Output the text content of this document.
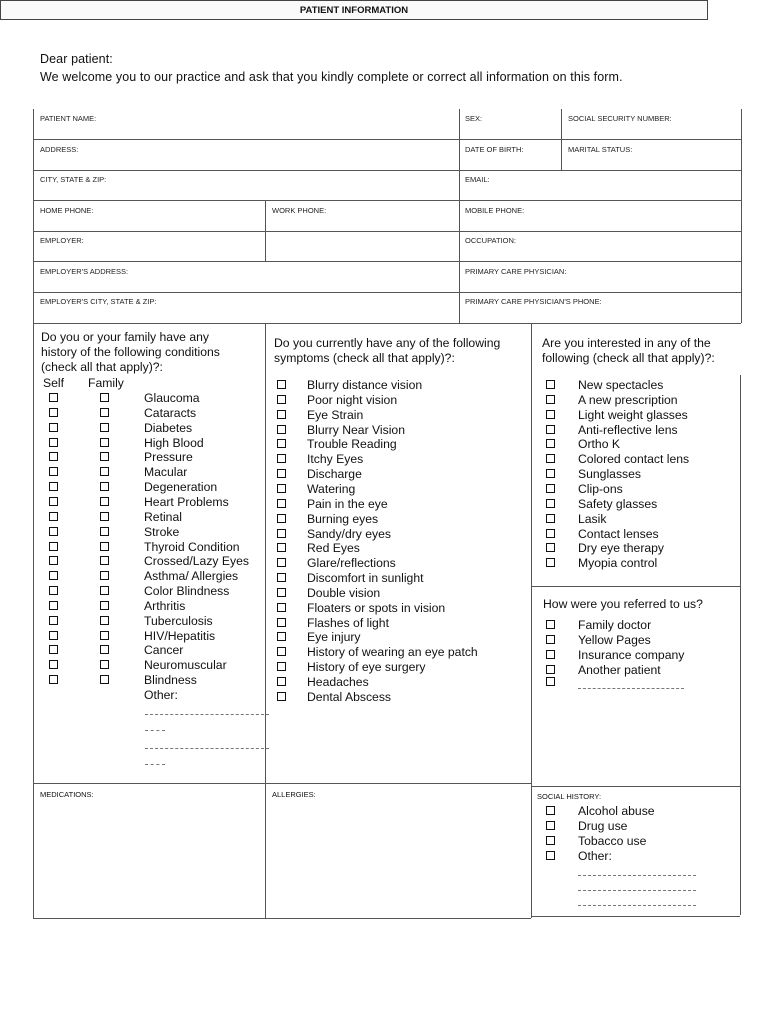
Dear patient:
We welcome you to our practice and ask that you kindly complete or correct all information on this form.
PATIENT INFORMATION
PATIENT NAME:	SEX:	SOCIAL SECURITY NUMBER:
ADDRESS:	DATE OF BIRTH:	MARITAL STATUS:
CITY, STATE & ZIP:	EMAIL:
HOME PHONE:	WORK PHONE:	MOBILE PHONE:
EMPLOYER:	OCCUPATION:
EMPLOYER'S ADDRESS:	PRIMARY CARE PHYSICIAN:
EMPLOYER'S CITY, STATE & ZIP:	PRIMARY CARE PHYSICIAN'S PHONE:
Do you or your family have any history of the following conditions (check all that apply)?:
Self Family
Glaucoma
Cataracts
Diabetes
High Blood
Pressure
Macular
Degeneration
Heart Problems
Retinal
Stroke
Thyroid Condition
Crossed/Lazy Eyes
Asthma/ Allergies
Color Blindness
Arthritis
Tuberculosis
HIV/Hepatitis
Cancer
Neuromuscular
Blindness
Other:
Do you currently have any of the following symptoms (check all that apply)?:
Blurry distance vision
Poor night vision
Eye Strain
Blurry Near Vision
Trouble Reading
Itchy Eyes
Discharge
Watering
Pain in the eye
Burning eyes
Sandy/dry eyes
Red Eyes
Glare/reflections
Discomfort in sunlight
Double vision
Floaters or spots in vision
Flashes of light
Eye injury
History of wearing an eye patch
History of eye surgery
Headaches
Dental Abscess
Are you interested in any of the following (check all that apply)?:
New spectacles
A new prescription
Light weight glasses
Anti-reflective lens
Ortho K
Colored contact lens
Sunglasses
Clip-ons
Safety glasses
Lasik
Contact lenses
Dry eye therapy
Myopia control
How were you referred to us?
Family doctor
Yellow Pages
Insurance company
Another patient
MEDICATIONS:	ALLERGIES:	SOCIAL HISTORY:
Alcohol abuse
Drug use
Tobacco use
Other:
